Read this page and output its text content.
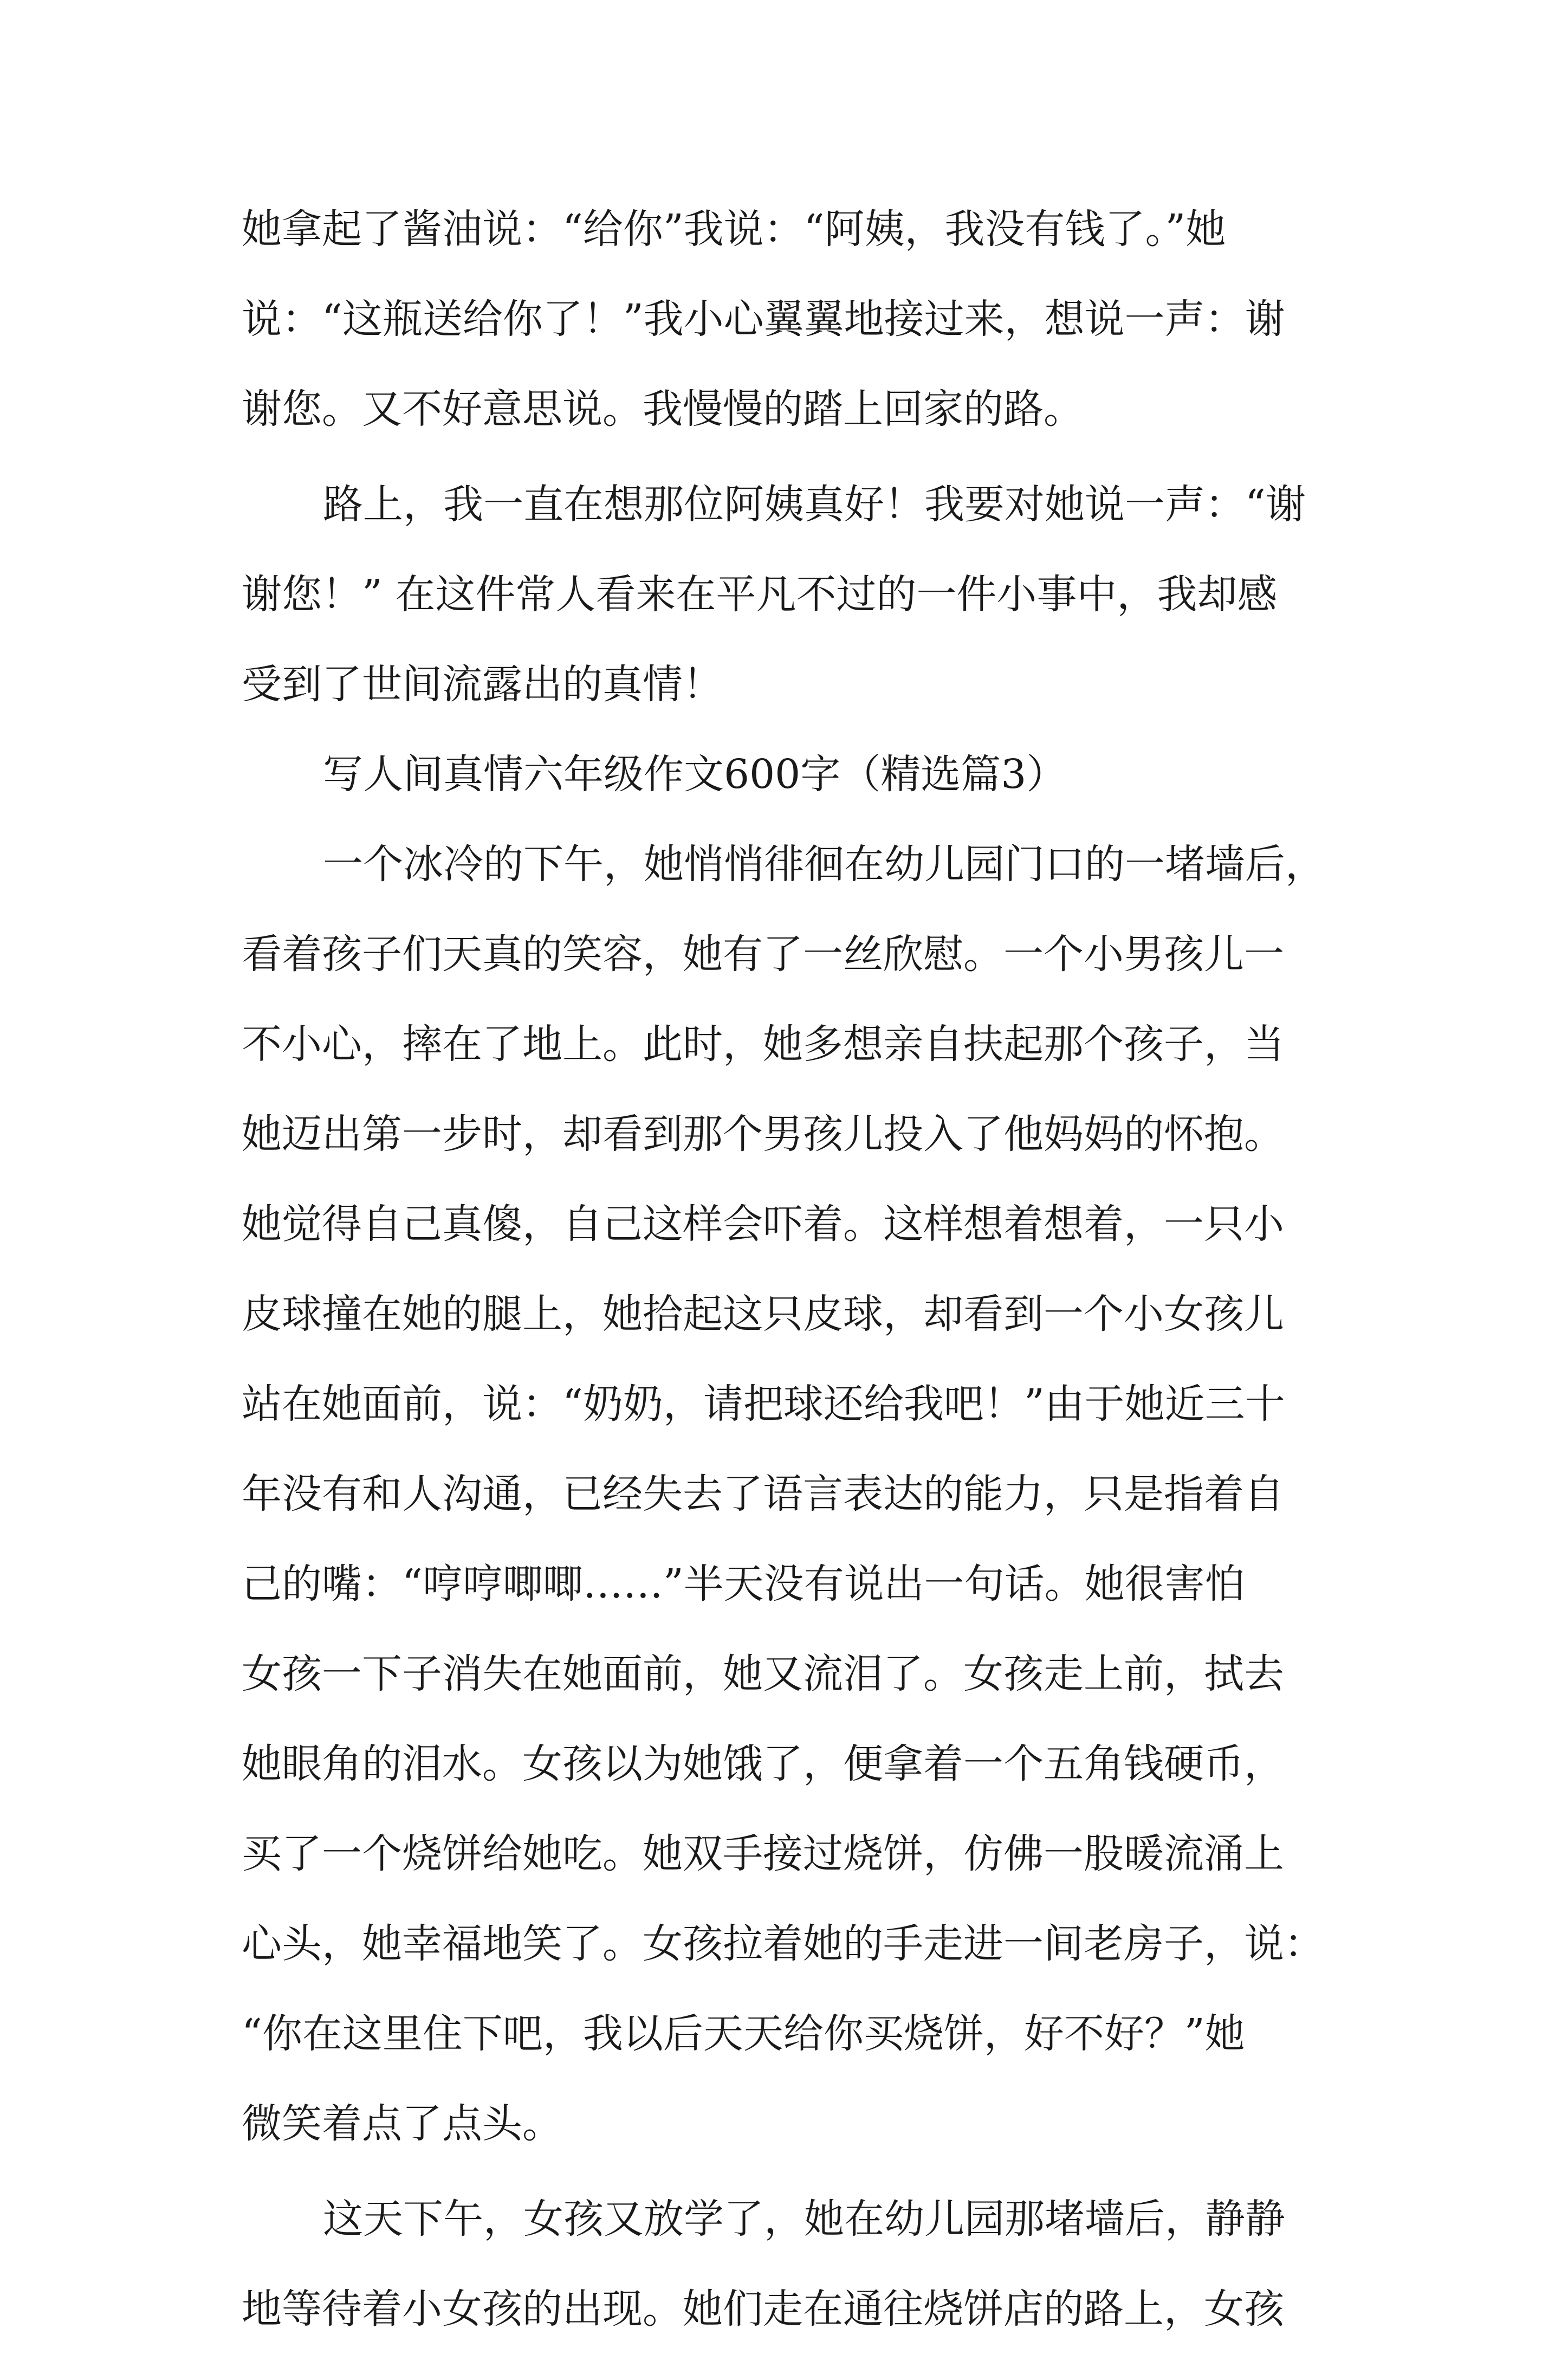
她拿起了酱油说：“给你”我说：“阿姨，我没有钱了。”她
说：“这瓶送给你了！”我小心翼翼地接过来，想说一声：谢
谢您。又不好意思说。我慢慢的踏上回家的路。
路上，我一直在想那位阿姨真好！我要对她说一声：“谢
谢您！” 在这件常人看来在平凡不过的一件小事中，我却感
受到了世间流露出的真情！
写人间真情六年级作文600字（精选篇3）
一个冰冷的下午，她悄悄徘徊在幼儿园门口的一堵墙后，
看着孩子们天真的笑容，她有了一丝欣慰。一个小男孩儿一
不小心，摔在了地上。此时，她多想亲自扶起那个孩子，当
她迈出第一步时，却看到那个男孩儿投入了他妈妈的怀抱。
她觉得自己真傻，自己这样会吓着。这样想着想着，一只小
皮球撞在她的腿上，她拾起这只皮球，却看到一个小女孩儿
站在她面前，说：“奶奶，请把球还给我吧！”由于她近三十
年没有和人沟通，已经失去了语言表达的能力，只是指着自
己的嘴：“哼哼唧唧……”半天没有说出一句话。她很害怕
女孩一下子消失在她面前，她又流泪了。女孩走上前，拭去
她眼角的泪水。女孩以为她饿了，便拿着一个五角钱硬币，
买了一个烧饼给她吃。她双手接过烧饼，仿佛一股暖流涌上
心头，她幸福地笑了。女孩拉着她的手走进一间老房子，说：
“你在这里住下吧，我以后天天给你买烧饼，好不好？”她
微笑着点了点头。
这天下午，女孩又放学了，她在幼儿园那堵墙后，静静
地等待着小女孩的出现。她们走在通往烧饼店的路上，女孩
